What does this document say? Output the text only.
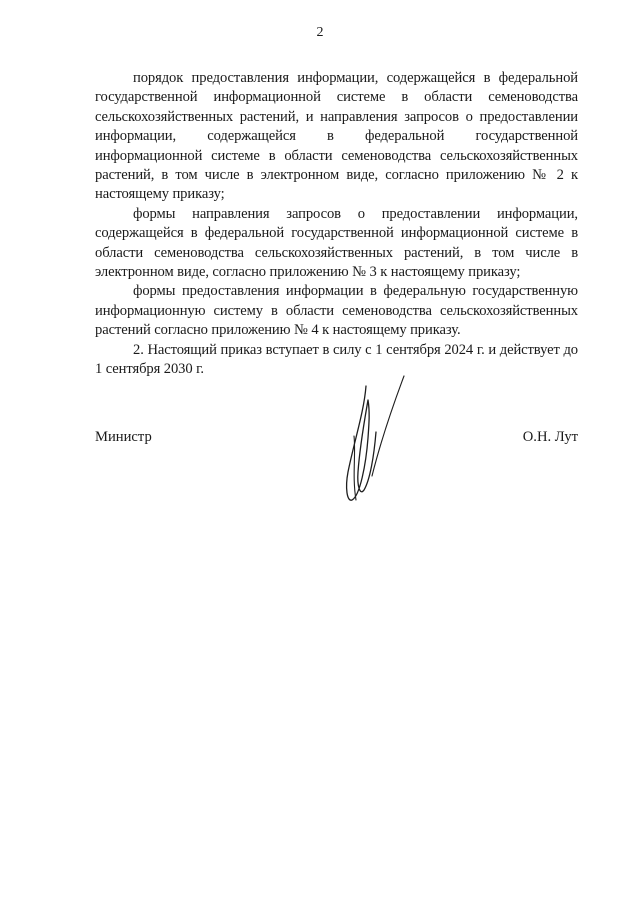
2

порядок предоставления информации, содержащейся в федеральной государственной информационной системе в области семеноводства сельскохозяйственных растений, и направления запросов о предоставлении информации, содержащейся в федеральной государственной информационной системе в области семеноводства сельскохозяйственных растений, в том числе в электронном виде, согласно приложению № 2 к настоящему приказу;

формы направления запросов о предоставлении информации, содержащейся в федеральной государственной информационной системе в области семеноводства сельскохозяйственных растений, в том числе в электронном виде, согласно приложению № 3 к настоящему приказу;

формы предоставления информации в федеральную государственную информационную систему в области семеноводства сельскохозяйственных растений согласно приложению № 4 к настоящему приказу.

2. Настоящий приказ вступает в силу с 1 сентября 2024 г. и действует до 1 сентября 2030 г.

Министр	О.Н. Лут
